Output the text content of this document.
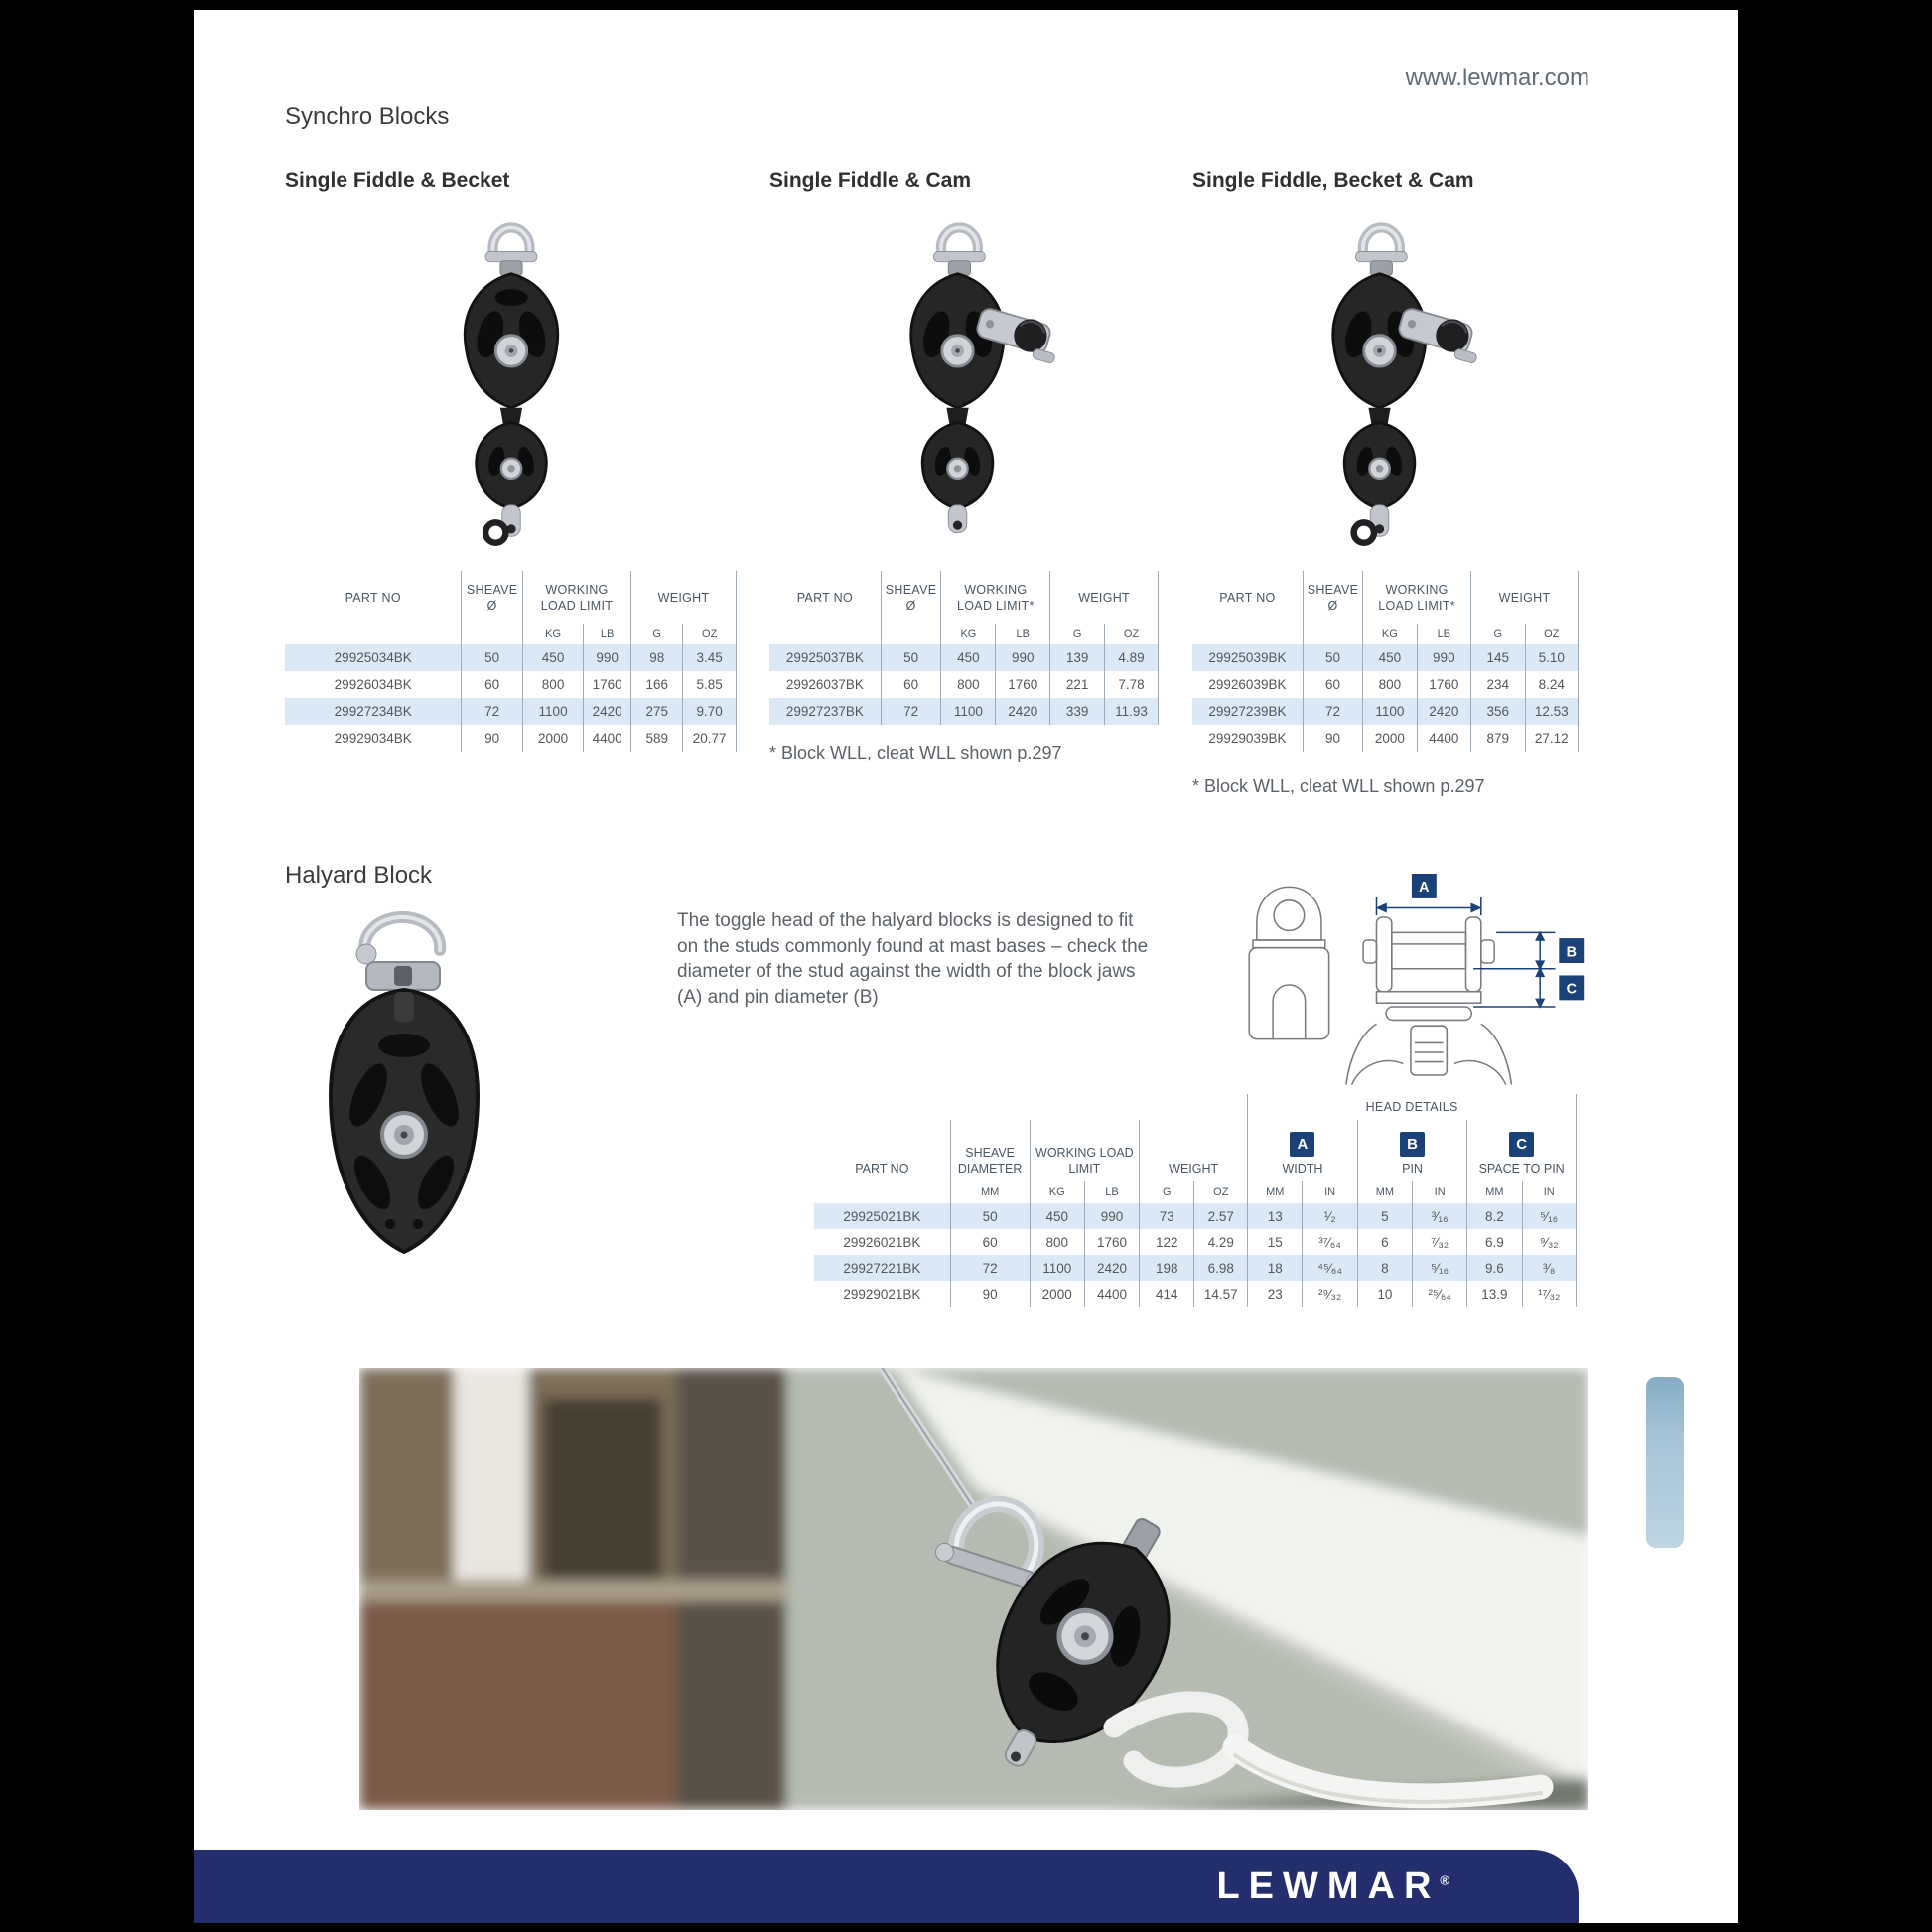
www.lewmar.com
Synchro Blocks
Single Fiddle & Becket
PART NO
SHEAVE
Ø
WORKING
LOAD LIMIT
WEIGHT
KG	LB	G	OZ
29925034BK	50	450	990	98	3.45
29926034BK	60	800	1760	166	5.85
29927234BK	72	1100	2420	275	9.70
29929034BK	90	2000	4400	589	20.77
Single Fiddle & Cam
PART NO
SHEAVE
Ø
WORKING
LOAD LIMIT*
WEIGHT
KG	LB	G	OZ
29925037BK	50	450	990	139	4.89
29926037BK	60	800	1760	221	7.78
29927237BK	72	1100	2420	339	11.93
* Block WLL, cleat WLL shown p.297
Single Fiddle, Becket & Cam
PART NO
SHEAVE
Ø
WORKING
LOAD LIMIT*
WEIGHT
KG	LB	G	OZ
29925039BK	50	450	990	145	5.10
29926039BK	60	800	1760	234	8.24
29927239BK	72	1100	2420	356	12.53
29929039BK	90	2000	4400	879	27.12
* Block WLL, cleat WLL shown p.297
Halyard Block
The toggle head of the halyard blocks is designed to fit on the studs commonly found at mast bases – check the diameter of the stud against the width of the block jaws (A) and pin diameter (B)
A
B
C
HEAD DETAILS
PART NO
SHEAVE
DIAMETER
WORKING LOAD
LIMIT	WEIGHT
A
WIDTH
B
PIN
C
SPACE TO PIN
MM	KG	LB	G	OZ	MM	IN	MM	IN	MM	IN
29925021BK	50	450	990	73	2.57	13	¹⁄₂	5	³⁄₁₆	8.2	⁵⁄₁₆
29926021BK	60	800	1760	122	4.29	15	³⁷⁄₆₄	6	⁷⁄₃₂	6.9	⁹⁄₃₂
29927221BK	72	1100	2420	198	6.98	18	⁴⁵⁄₆₄	8	⁵⁄₁₆	9.6	³⁄₈
29929021BK	90	2000	4400	414	14.57	23	²⁹⁄₃₂	10	²⁵⁄₆₄	13.9	¹⁷⁄₃₂
LEWMAR®
